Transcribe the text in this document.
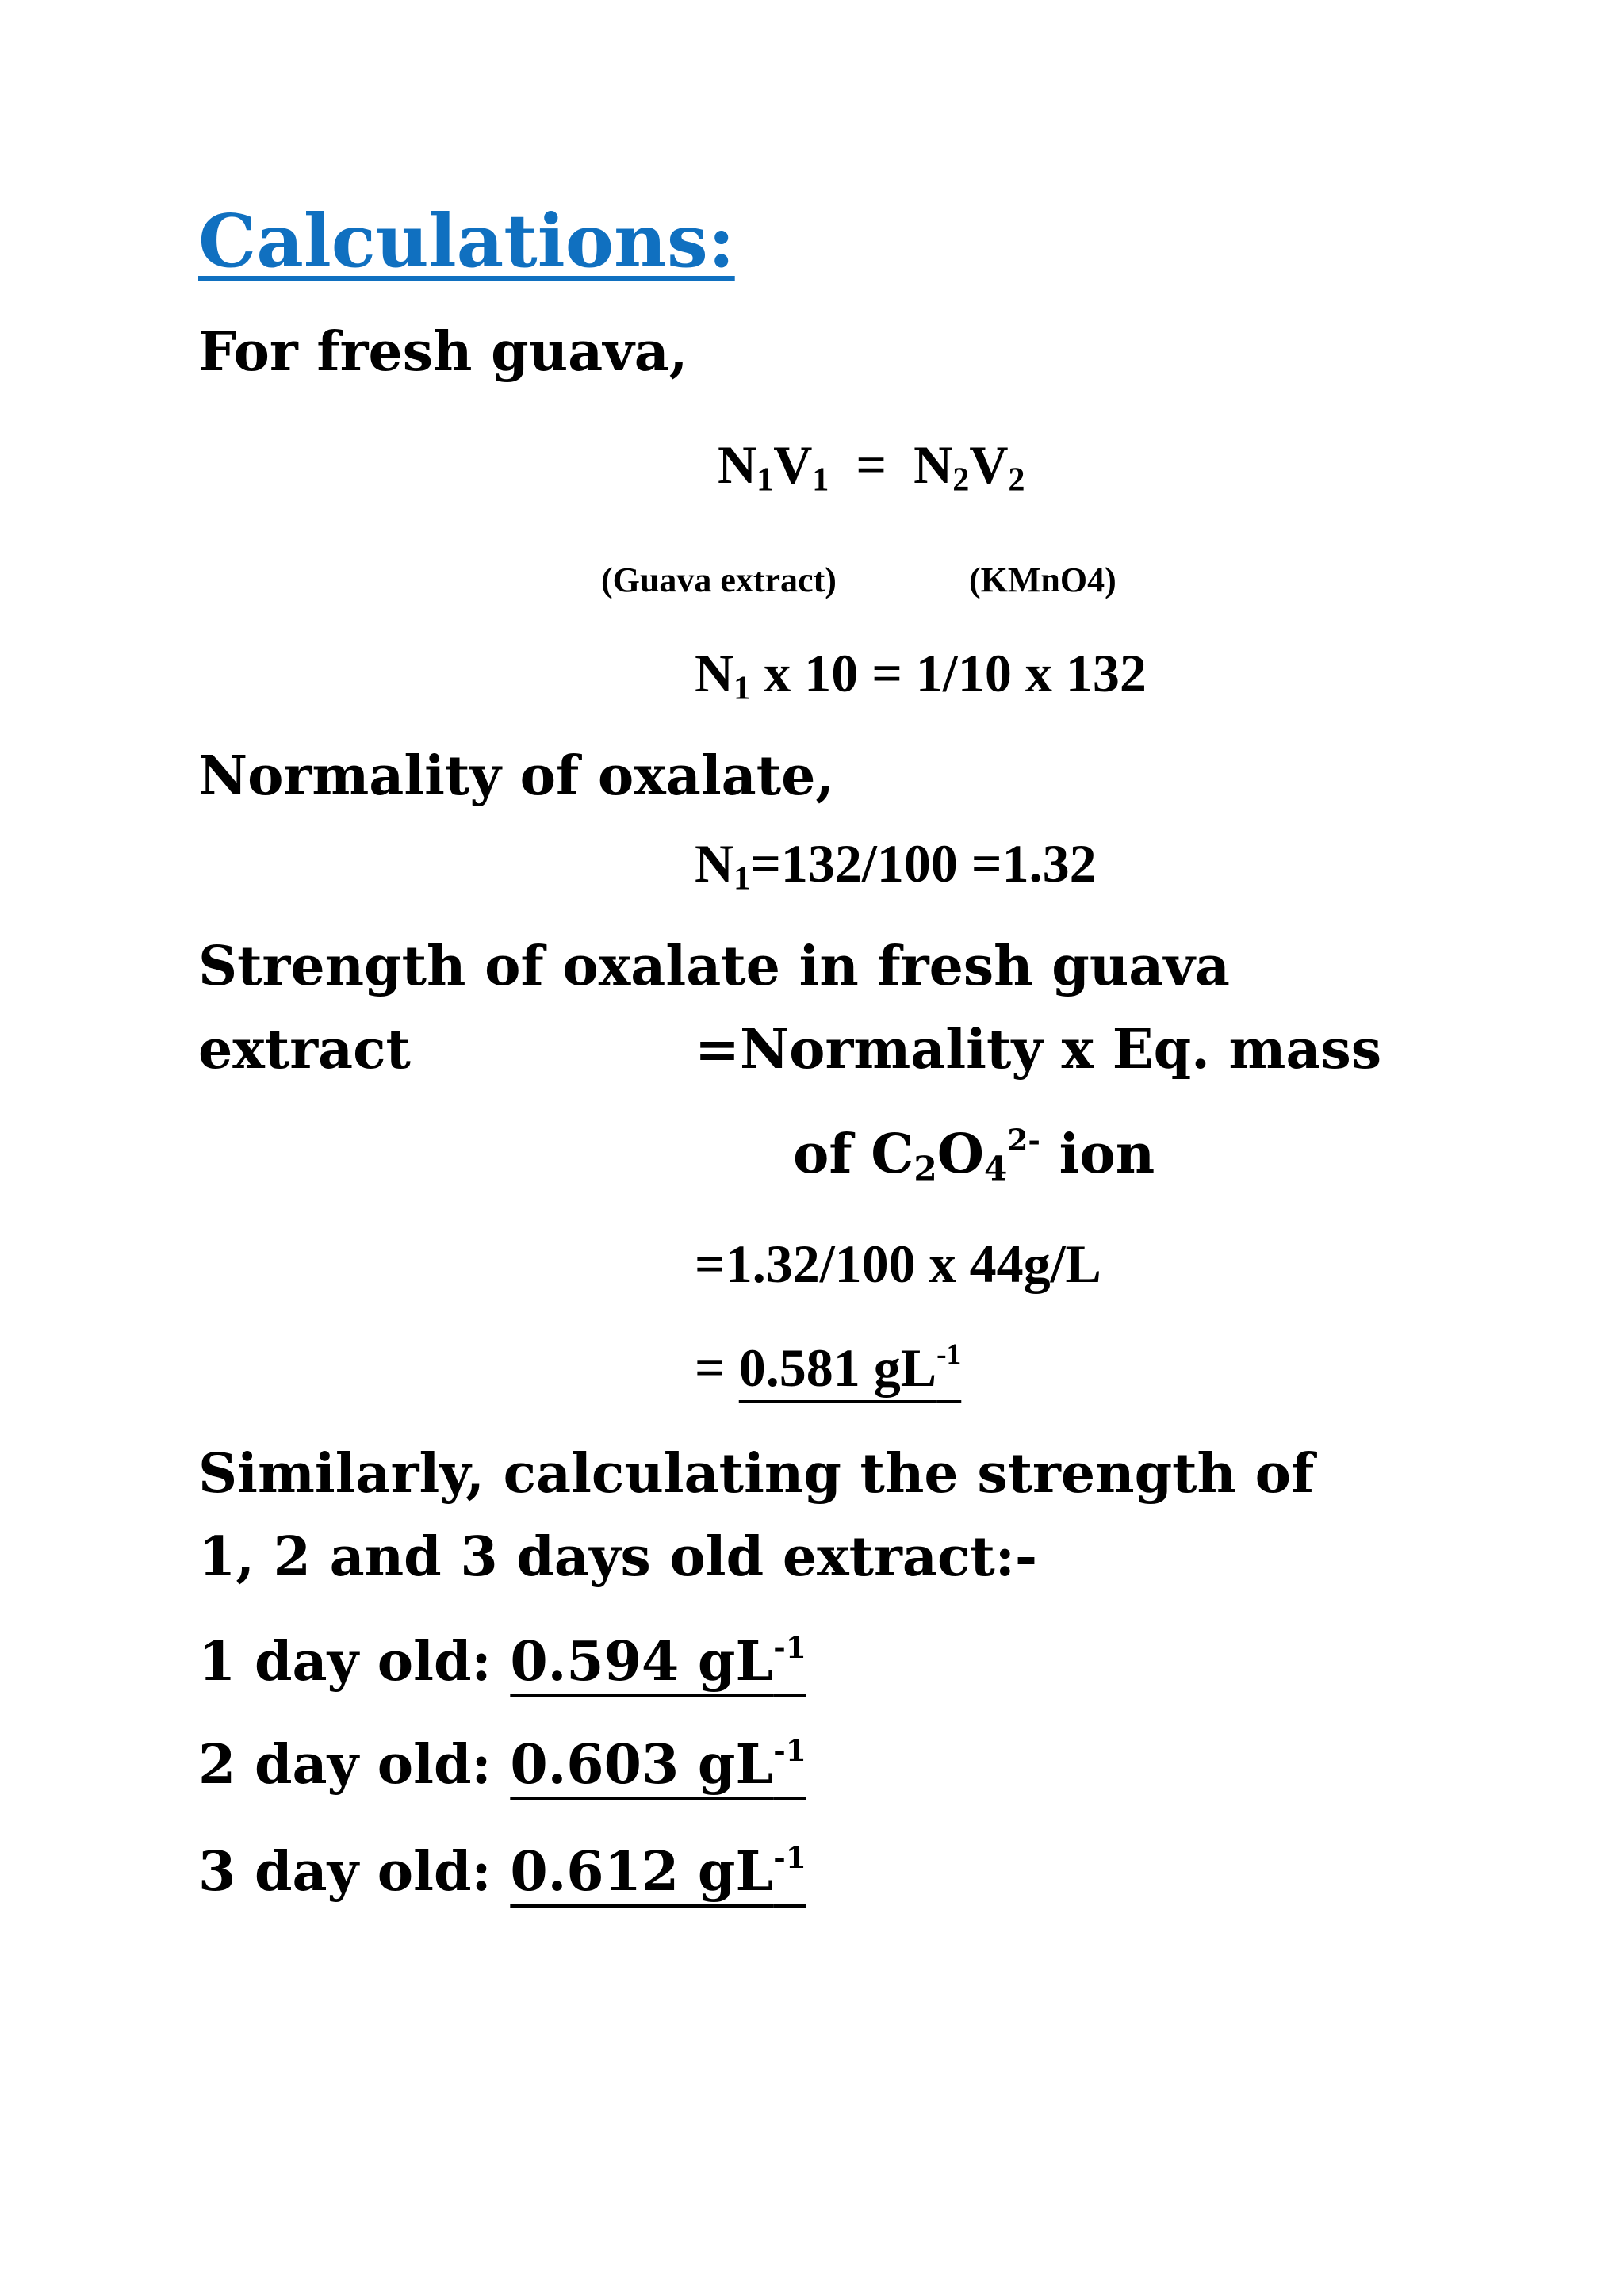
Calculations:
For fresh guava,
$N_1V_1 = N_2V_2$
(Guava extract)	(KMnO4)
$N_1$ x 10 = 1/10 x 132
Normality of oxalate,
$N_1=132/100 =1.32$
Strength of oxalate in fresh guava
extract	=Normality x Eq. mass
of $C_2O_4^{2-}$ ion
=1.32/100 x 44g/L
= 0.581 $gL^{-1}$
Similarly, calculating the strength of
1, 2 and 3 days old extract:-
1 day old: 0.594 $gL^{-1}$
2 day old: 0.603 $gL^{-1}$
3 day old: 0.612 $gL^{-1}$
